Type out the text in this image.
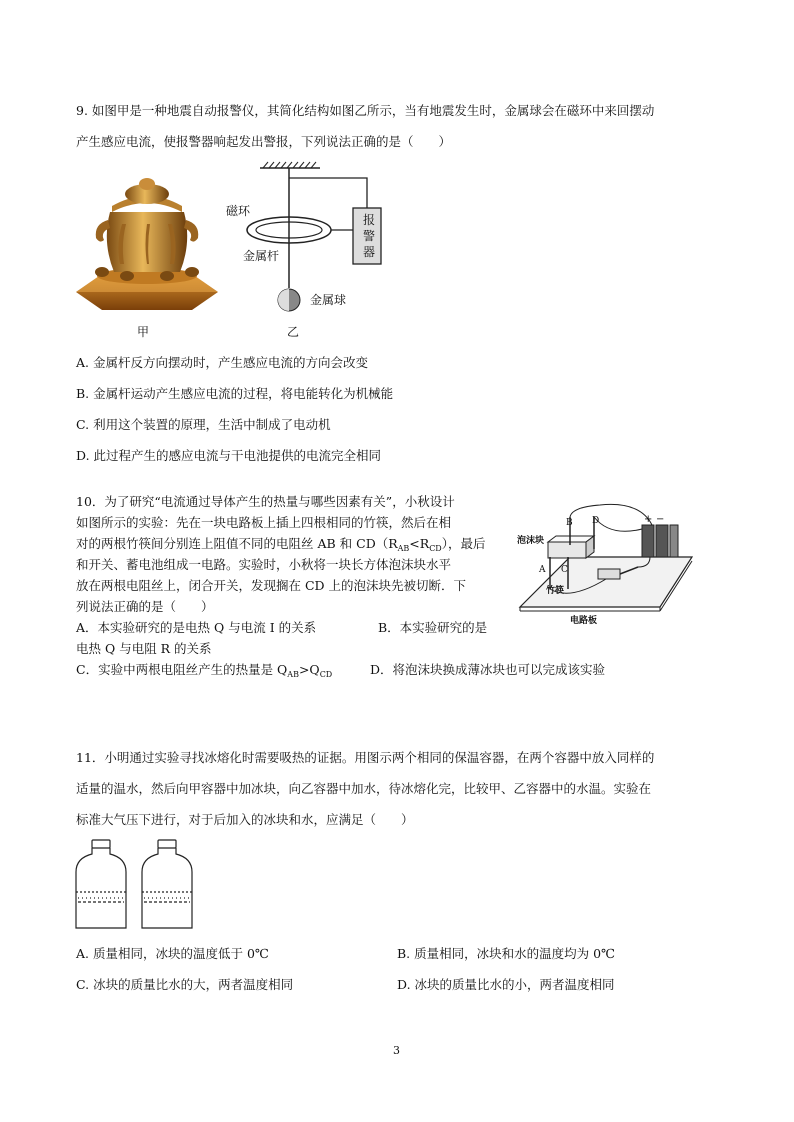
9. 如图甲是一种地震自动报警仪，其简化结构如图乙所示，当有地震发生时，金属球会在磁环中来回摆动
产生感应电流，使报警器响起发出警报，下列说法正确的是（　　）
甲
磁环
金属杆
金属球
报
警
器
乙
A. 金属杆反方向摆动时，产生感应电流的方向会改变
B. 金属杆运动产生感应电流的过程，将电能转化为机械能
C. 利用这个装置的原理，生活中制成了电动机
D. 此过程产生的感应电流与干电池提供的电流完全相同
10．为了研究“电流通过导体产生的热量与哪些因素有关”，小秋设计
如图所示的实验：先在一块电路板上插上四根相同的竹筷，然后在相
对的两根竹筷间分别连上阻值不同的电阻丝 AB 和 $CD(R_{AB}<R_{CD})$，最后
和开关、蓄电池组成一电路。实验时，小秋将一块长方体泡沫块水平
放在两根电阻丝上，闭合开关，发现搁在 CD 上的泡沫块先被切断．下
列说法正确的是（　　）
A．本实验研究的是电热 Q 与电流 I 的关系	B．本实验研究的是
电热 Q 与电阻 R 的关系
C．实验中两根电阻丝产生的热量是 $Q_{AB}>Q_{CD}$	D．将泡沫块换成薄冰块也可以完成该实验
B D
A C
+ −
泡沫块
竹筷
电路板
11．小明通过实验寻找冰熔化时需要吸热的证据。用图示两个相同的保温容器，在两个容器中放入同样的
适量的温水，然后向甲容器中加冰块，向乙容器中加水，待冰熔化完，比较甲、乙容器中的水温。实验在
标准大气压下进行，对于后加入的冰块和水，应满足（　　）
A. 质量相同，冰块的温度低于 0℃	B. 质量相同，冰块和水的温度均为 0℃
C. 冰块的质量比水的大，两者温度相同	D. 冰块的质量比水的小，两者温度相同
3
